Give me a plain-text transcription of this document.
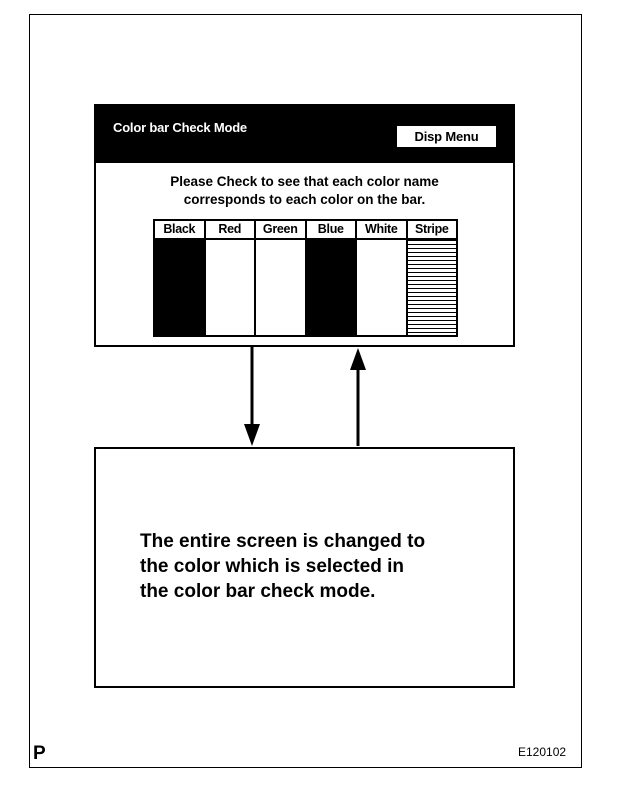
Color bar Check Mode
Disp Menu
Please Check to see that each color name
corresponds to each color on the bar.
Black	Red	Green	Blue	White	Stripe
The entire screen is changed to
the color which is selected in
the color bar check mode.
P	E120102
